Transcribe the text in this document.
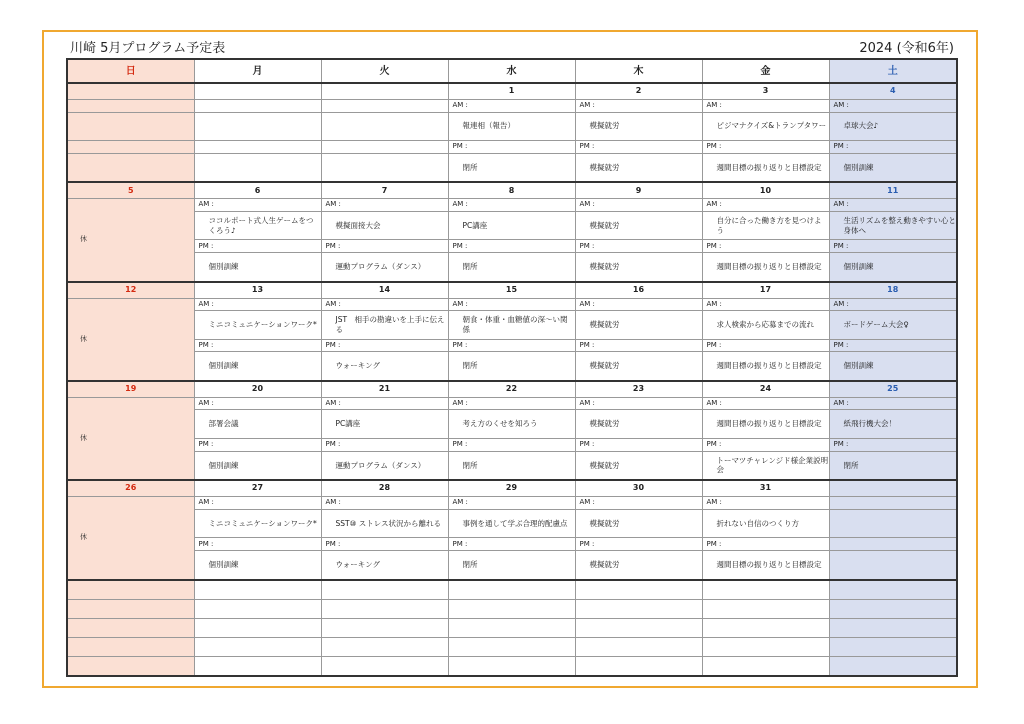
川崎 5月プログラム予定表	2024 (令和6年)
日	月	火	水	木	金	土
			1	2	3	4
			AM :	AM :	AM :	AM :
			報連相（報告）	模擬就労	ピジマナクイズ&トランプタワー	卓球大会♪
			PM :	PM :	PM :	PM :
			閉所	模擬就労	週間目標の振り返りと目標設定	個別訓練
5	6	7	8	9	10	11
休	AM :	AM :	AM :	AM :	AM :	AM :
	ココルポート式人生ゲームをつくろう♪	模擬面接大会	PC講座	模擬就労	自分に合った働き方を見つけよう	生活リズムを整え動きやすい心と身体へ
	PM :	PM :	PM :	PM :	PM :	PM :
	個別訓練	運動プログラム（ダンス）	閉所	模擬就労	週間目標の振り返りと目標設定	個別訓練
12	13	14	15	16	17	18
休	AM :	AM :	AM :	AM :	AM :	AM :
	ミニコミュニケーションワーク*	JST　相手の勘違いを上手に伝える	朝食・体重・血糖値の深～い関係	模擬就労	求人検索から応募までの流れ	ボードゲーム大会♀
	PM :	PM :	PM :	PM :	PM :	PM :
	個別訓練	ウォーキング	閉所	模擬就労	週間目標の振り返りと目標設定	個別訓練
19	20	21	22	23	24	25
休	AM :	AM :	AM :	AM :	AM :	AM :
	部署会議	PC講座	考え方のくせを知ろう	模擬就労	週間目標の振り返りと目標設定	紙飛行機大会！
	PM :	PM :	PM :	PM :	PM :	PM :
	個別訓練	運動プログラム（ダンス）	閉所	模擬就労	トーマツチャレンジド様企業説明会	閉所
26	27	28	29	30	31	
休	AM :	AM :	AM :	AM :	AM :	
	ミニコミュニケーションワーク*	SST⑩ ストレス状況から離れる	事例を通して学ぶ合理的配慮点	模擬就労	折れない自信のつくり方	
	PM :	PM :	PM :	PM :	PM :	
	個別訓練	ウォーキング	閉所	模擬就労	週間目標の振り返りと目標設定	
